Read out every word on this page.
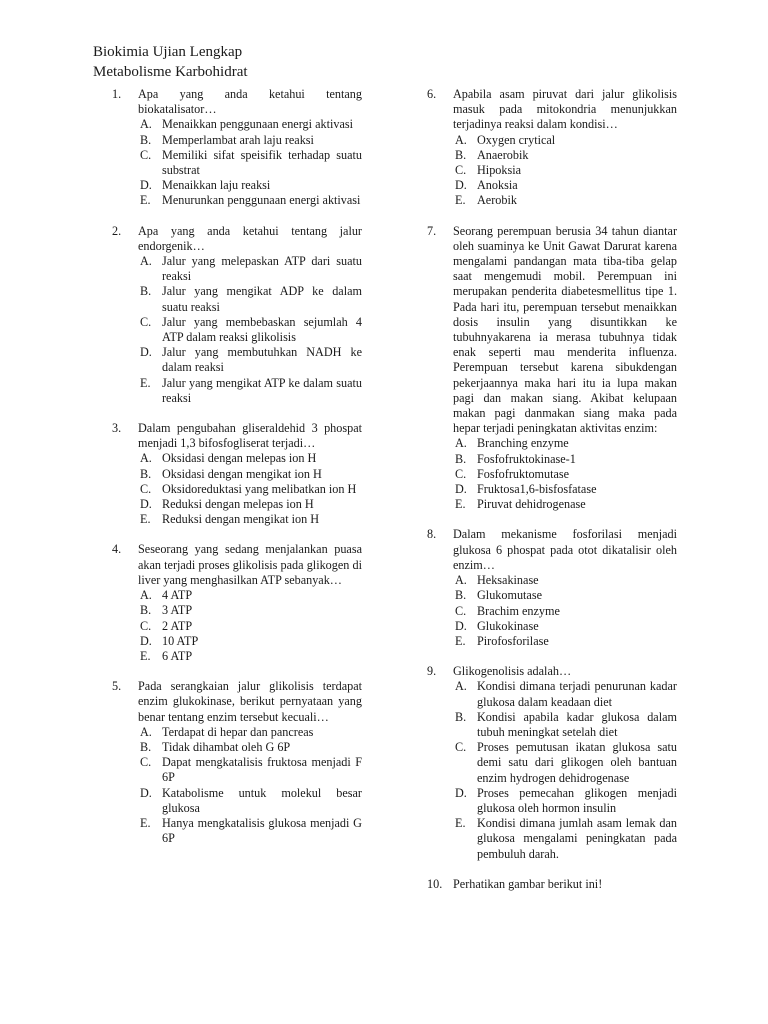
Biokimia Ujian Lengkap
Metabolisme Karbohidrat
1. Apa yang anda ketahui tentang biokatalisator…
A. Menaikkan penggunaan energi aktivasi
B. Memperlambat arah laju reaksi
C. Memiliki sifat speisifik terhadap suatu substrat
D. Menaikkan laju reaksi
E. Menurunkan penggunaan energi aktivasi
2. Apa yang anda ketahui tentang jalur endorgenik…
A. Jalur yang melepaskan ATP dari suatu reaksi
B. Jalur yang mengikat ADP ke dalam suatu reaksi
C. Jalur yang membebaskan sejumlah 4 ATP dalam reaksi glikolisis
D. Jalur yang membutuhkan NADH ke dalam reaksi
E. Jalur yang mengikat ATP ke dalam suatu reaksi
3. Dalam pengubahan gliseraldehid 3 phospat menjadi 1,3 bifosfogliserat terjadi…
A. Oksidasi dengan melepas ion H
B. Oksidasi dengan mengikat ion H
C. Oksidoreduktasi yang melibatkan ion H
D. Reduksi dengan melepas ion H
E. Reduksi dengan mengikat ion H
4. Seseorang yang sedang menjalankan puasa akan terjadi proses glikolisis pada glikogen di liver yang menghasilkan ATP sebanyak…
A. 4 ATP
B. 3 ATP
C. 2 ATP
D. 10 ATP
E. 6 ATP
5. Pada serangkaian jalur glikolisis terdapat enzim glukokinase, berikut pernyataan yang benar tentang enzim tersebut kecuali…
A. Terdapat di hepar dan pancreas
B. Tidak dihambat oleh G 6P
C. Dapat mengkatalisis fruktosa menjadi F 6P
D. Katabolisme untuk molekul besar glukosa
E. Hanya mengkatalisis glukosa menjadi G 6P
6. Apabila asam piruvat dari jalur glikolisis masuk pada mitokondria menunjukkan terjadinya reaksi dalam kondisi…
A. Oxygen crytical
B. Anaerobik
C. Hipoksia
D. Anoksia
E. Aerobik
7. Seorang perempuan berusia 34 tahun diantar oleh suaminya ke Unit Gawat Darurat karena mengalami pandangan mata tiba-tiba gelap saat mengemudi mobil. Perempuan ini merupakan penderita diabetesmellitus tipe 1. Pada hari itu, perempuan tersebut menaikkan dosis insulin yang disuntikkan ke tubuhnyakarena ia merasa tubuhnya tidak enak seperti mau menderita influenza. Perempuan tersebut karena sibukdengan pekerjaannya maka hari itu ia lupa makan pagi dan makan siang. Akibat kelupaan makan pagi danmakan siang maka pada hepar terjadi peningkatan aktivitas enzim:
A. Branching enzyme
B. Fosfofruktokinase-1
C. Fosfofruktomutase
D. Fruktosa1,6-bisfosfatase
E. Piruvat dehidrogenase
8. Dalam mekanisme fosforilasi menjadi glukosa 6 phospat pada otot dikatalisir oleh enzim…
A. Heksakinase
B. Glukomutase
C. Brachim enzyme
D. Glukokinase
E. Pirofosforilase
9. Glikogenolisis adalah…
A. Kondisi dimana terjadi penurunan kadar glukosa dalam keadaan diet
B. Kondisi apabila kadar glukosa dalam tubuh meningkat setelah diet
C. Proses pemutusan ikatan glukosa satu demi satu dari glikogen oleh bantuan enzim hydrogen dehidrogenase
D. Proses pemecahan glikogen menjadi glukosa oleh hormon insulin
E. Kondisi dimana jumlah asam lemak dan glukosa mengalami peningkatan pada pembuluh darah.
10. Perhatikan gambar berikut ini!
